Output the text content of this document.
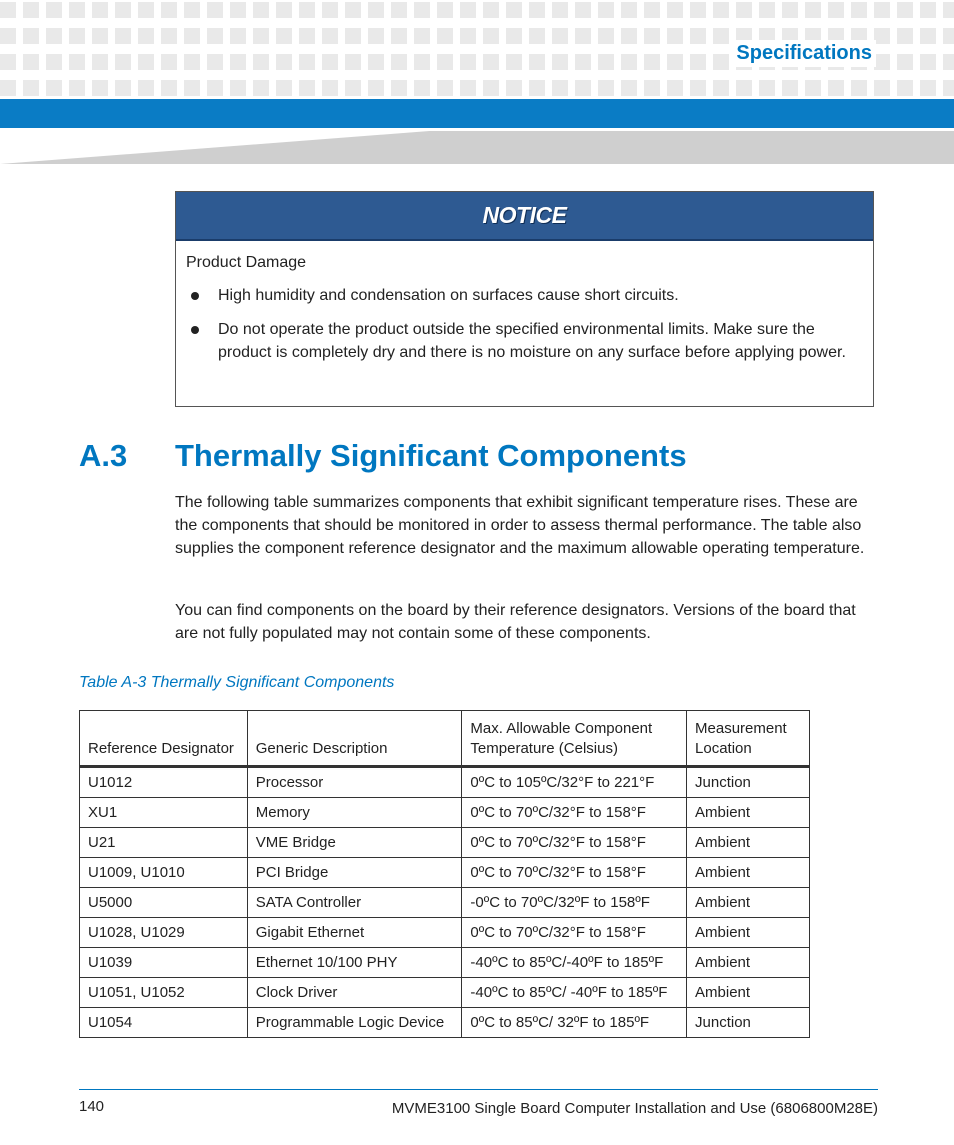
Specifications
NOTICE

Product Damage

High humidity and condensation on surfaces cause short circuits.
Do not operate the product outside the specified environmental limits. Make sure the product is completely dry and there is no moisture on any surface before applying power.
A.3 Thermally Significant Components

The following table summarizes components that exhibit significant temperature rises. These are the components that should be monitored in order to assess thermal performance. The table also supplies the component reference designator and the maximum allowable operating temperature.

You can find components on the board by their reference designators. Versions of the board that are not fully populated may not contain some of these components.

Table A-3 Thermally Significant Components

Reference Designator	Generic Description	Max. Allowable Component Temperature (Celsius)	Measurement Location
U1012	Processor	0ºC to 105ºC/32°F to 221°F	Junction
XU1	Memory	0ºC to 70ºC/32°F to 158°F	Ambient
U21	VME Bridge	0ºC to 70ºC/32°F to 158°F	Ambient
U1009, U1010	PCI Bridge	0ºC to 70ºC/32°F to 158°F	Ambient
U5000	SATA Controller	-0ºC to 70ºC/32ºF to 158ºF	Ambient
U1028, U1029	Gigabit Ethernet	0ºC to 70ºC/32°F to 158°F	Ambient
U1039	Ethernet 10/100 PHY	-40ºC to 85ºC/-40ºF to 185ºF	Ambient
U1051, U1052	Clock Driver	-40ºC to 85ºC/ -40ºF to 185ºF	Ambient
U1054	Programmable Logic Device	0ºC to 85ºC/ 32ºF to 185ºF	Junction

140	MVME3100 Single Board Computer Installation and Use (6806800M28E)
